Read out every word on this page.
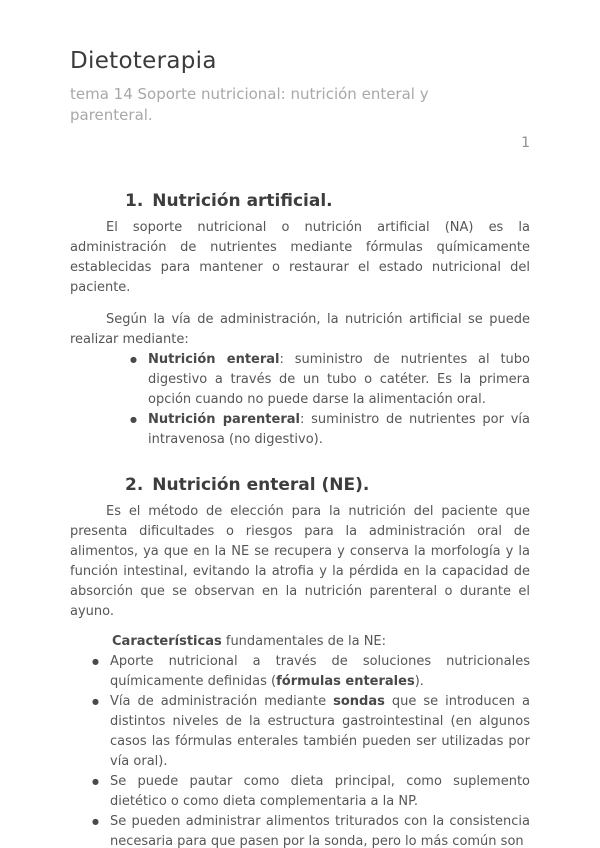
Dietoterapia

tema 14 Soporte nutricional: nutrición enteral y parenteral.

1
1. Nutrición artificial.

El soporte nutricional o nutrición artificial (NA) es la administración de nutrientes mediante fórmulas químicamente establecidas para mantener o restaurar el estado nutricional del paciente.

Según la vía de administración, la nutrición artificial se puede realizar mediante:

● Nutrición enteral: suministro de nutrientes al tubo digestivo a través de un tubo o catéter. Es la primera opción cuando no puede darse la alimentación oral.
● Nutrición parenteral: suministro de nutrientes por vía intravenosa (no digestivo).
2. Nutrición enteral (NE).

Es el método de elección para la nutrición del paciente que presenta dificultades o riesgos para la administración oral de alimentos, ya que en la NE se recupera y conserva la morfología y la función intestinal, evitando la atrofia y la pérdida en la capacidad de absorción que se observan en la nutrición parenteral o durante el ayuno.

Características fundamentales de la NE:

● Aporte nutricional a través de soluciones nutricionales químicamente definidas (fórmulas enterales).
● Vía de administración mediante sondas que se introducen a distintos niveles de la estructura gastrointestinal (en algunos casos las fórmulas enterales también pueden ser utilizadas por vía oral).
● Se puede pautar como dieta principal, como suplemento dietético o como dieta complementaria a la NP.
● Se pueden administrar alimentos triturados con la consistencia necesaria para que pasen por la sonda, pero lo más común son
